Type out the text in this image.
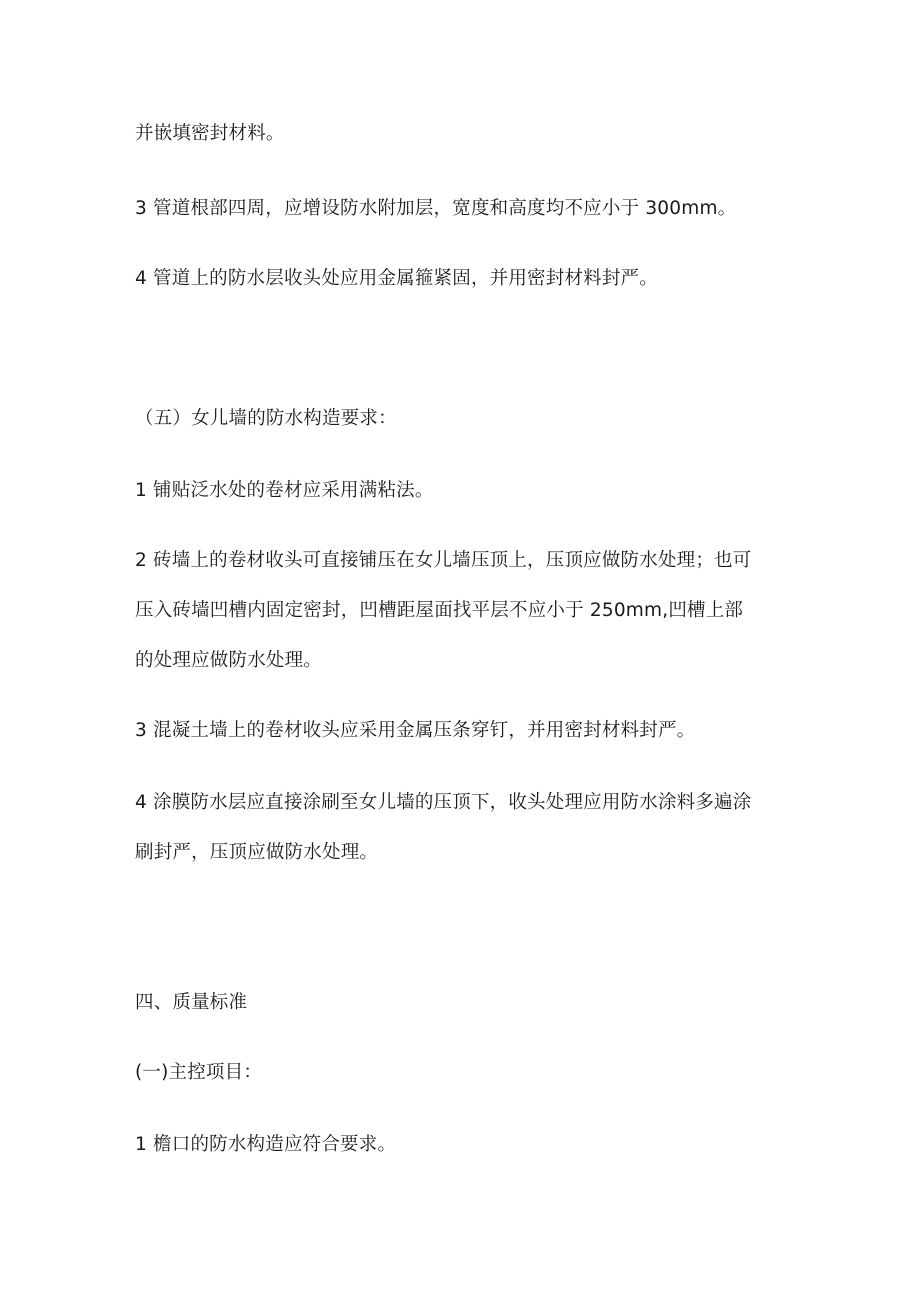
并嵌填密封材料。
3 管道根部四周，应增设防水附加层，宽度和高度均不应小于 300mm。
4 管道上的防水层收头处应用金属箍紧固，并用密封材料封严。
（五）女儿墙的防水构造要求：
1 铺贴泛水处的卷材应采用满粘法。
2 砖墙上的卷材收头可直接铺压在女儿墙压顶上，压顶应做防水处理；也可
压入砖墙凹槽内固定密封，凹槽距屋面找平层不应小于 250mm,凹槽上部
的处理应做防水处理。
3 混凝土墙上的卷材收头应采用金属压条穿钉，并用密封材料封严。
4 涂膜防水层应直接涂刷至女儿墙的压顶下，收头处理应用防水涂料多遍涂
刷封严，压顶应做防水处理。
四、质量标准
(一)主控项目：
1 檐口的防水构造应符合要求。
